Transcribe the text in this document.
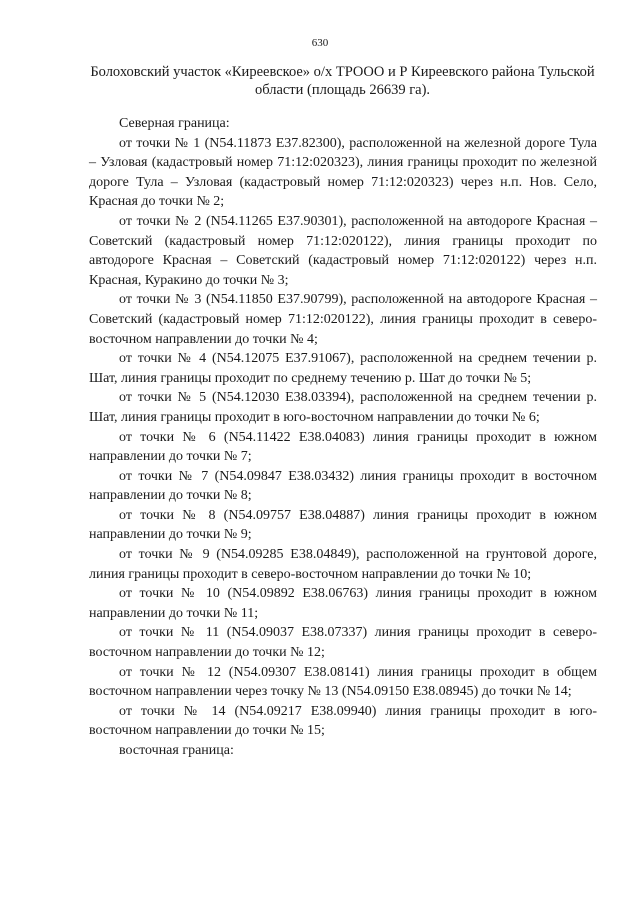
630
Болоховский участок «Киреевское» о/х ТРООО и Р Киреевского района Тульской области (площадь 26639 га).

Северная граница:

от точки № 1 (N54.11873 E37.82300), расположенной на железной дороге Тула – Узловая (кадастровый номер 71:12:020323), линия границы проходит по железной дороге Тула – Узловая (кадастровый номер 71:12:020323) через н.п. Нов. Село, Красная до точки № 2;

от точки № 2 (N54.11265 E37.90301), расположенной на автодороге Красная – Советский (кадастровый номер 71:12:020122), линия границы проходит по автодороге Красная – Советский (кадастровый номер 71:12:020122) через н.п. Красная, Куракино до точки № 3;

от точки № 3 (N54.11850 E37.90799), расположенной на автодороге Красная – Советский (кадастровый номер 71:12:020122), линия границы проходит в северо-восточном направлении до точки № 4;

от точки № 4 (N54.12075 E37.91067), расположенной на среднем течении р. Шат, линия границы проходит по среднему течению р. Шат до точки № 5;

от точки № 5 (N54.12030 E38.03394), расположенной на среднем течении р. Шат, линия границы проходит в юго-восточном направлении до точки № 6;

от точки № 6 (N54.11422 E38.04083) линия границы проходит в южном направлении до точки № 7;

от точки № 7 (N54.09847 E38.03432) линия границы проходит в восточном направлении до точки № 8;

от точки № 8 (N54.09757 E38.04887) линия границы проходит в южном направлении до точки № 9;

от точки № 9 (N54.09285 E38.04849), расположенной на грунтовой дороге, линия границы проходит в северо-восточном направлении до точки № 10;

от точки № 10 (N54.09892 E38.06763) линия границы проходит в южном направлении до точки № 11;

от точки № 11 (N54.09037 E38.07337) линия границы проходит в северо-восточном направлении до точки № 12;

от точки № 12 (N54.09307 E38.08141) линия границы проходит в общем восточном направлении через точку № 13 (N54.09150 E38.08945) до точки № 14;

от точки № 14 (N54.09217 E38.09940) линия границы проходит в юго-восточном направлении до точки № 15;

восточная граница:
